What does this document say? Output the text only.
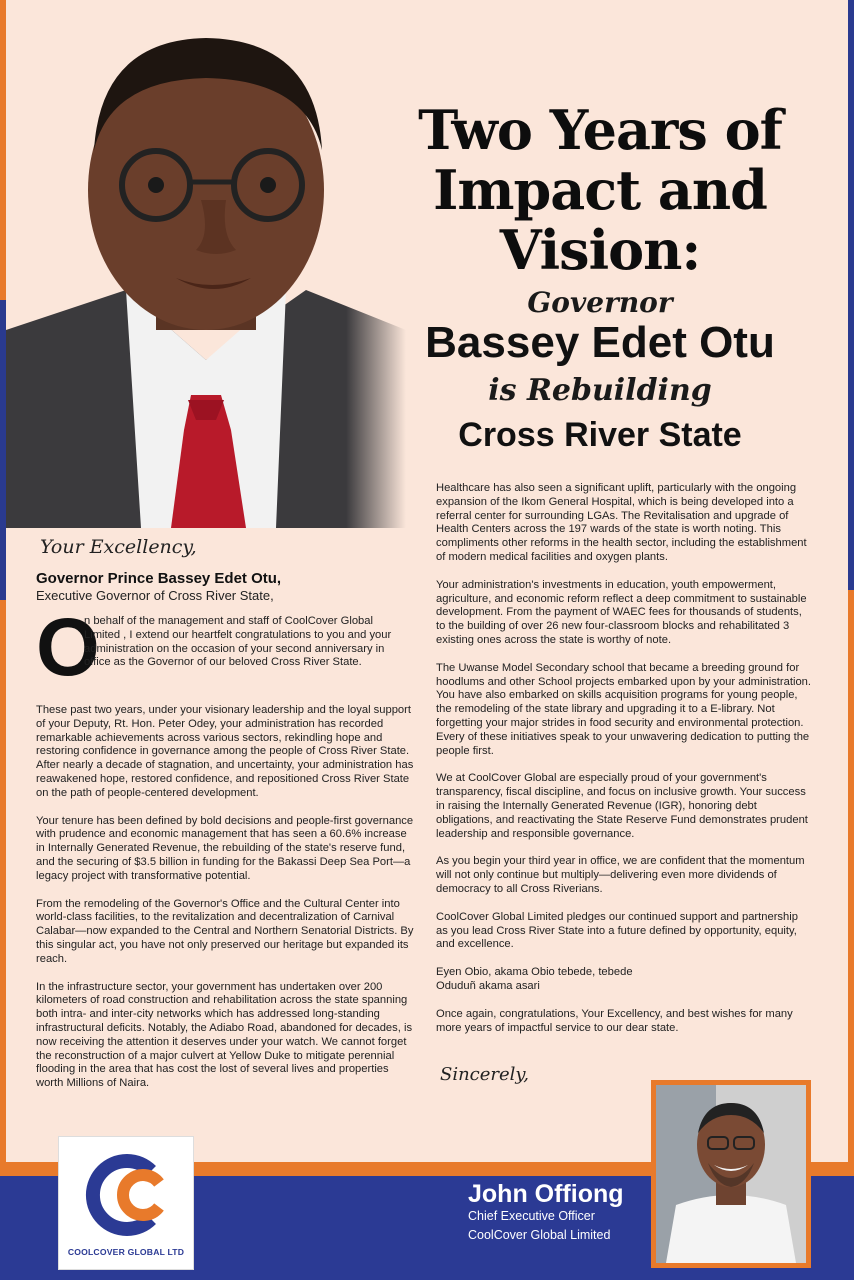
Two Years of Impact and Vision:
Governor
Bassey Edet Otu
is Rebuilding
Cross River State
Your Excellency,
Governor Prince Bassey Edet Otu,
Executive Governor of Cross River State,
O
n behalf of the management and staff of CoolCover Global Limited , I extend our heartfelt congratulations to you and your administration on the occasion of your second anniversary in office as the Governor of our beloved Cross River State.

These past two years, under your visionary leadership and the loyal support of your Deputy, Rt. Hon. Peter Odey, your administration has recorded remarkable achievements across various sectors, rekindling hope and restoring confidence in governance among the people of Cross River State. After nearly a decade of stagnation, and uncertainty, your administration has reawakened hope, restored confidence, and repositioned Cross River State on the path of people-centered development.

Your tenure has been defined by bold decisions and people-first governance with prudence and economic management that has seen a 60.6% increase in Internally Generated Revenue, the rebuilding of the state's reserve fund, and the securing of $3.5 billion in funding for the Bakassi Deep Sea Port—a legacy project with transformative potential.

From the remodeling of the Governor's Office and the Cultural Center into world-class facilities, to the revitalization and decentralization of Carnival Calabar—now expanded to the Central and Northern Senatorial Districts. By this singular act, you have not only preserved our heritage but expanded its reach.

In the infrastructure sector, your government has undertaken over 200 kilometers of road construction and rehabilitation across the state spanning both intra- and inter-city networks which has addressed long-standing infrastructural deficits. Notably, the Adiabo Road, abandoned for decades, is now receiving the attention it deserves under your watch. We cannot forget the reconstruction of a major culvert at Yellow Duke to mitigate perennial flooding in the area that has cost the lost of several lives and properties worth Millions of Naira.

Healthcare has also seen a significant uplift, particularly with the ongoing expansion of the Ikom General Hospital, which is being developed into a referral center for surrounding LGAs. The Revitalisation and upgrade of Health Centers across the 197 wards of the state is worth noting. This compliments other reforms in the health sector, including the establishment of modern medical facilities and oxygen plants.

Your administration's investments in education, youth empowerment, agriculture, and economic reform reflect a deep commitment to sustainable development. From the payment of WAEC fees for thousands of students, to the building of over 26 new four-classroom blocks and rehabilitated 3 existing ones across the state is worthy of note.

The Uwanse Model Secondary school that became a breeding ground for hoodlums and other School projects embarked upon by your administration. You have also embarked on skills acquisition programs for young people, the remodeling of the state library and upgrading it to a E-library. Not forgetting your major strides in food security and environmental protection. Every of these initiatives speak to your unwavering dedication to putting the people first.

We at CoolCover Global are especially proud of your government's transparency, fiscal discipline, and focus on inclusive growth. Your success in raising the Internally Generated Revenue (IGR), honoring debt obligations, and reactivating the State Reserve Fund demonstrates prudent leadership and responsible governance.

As you begin your third year in office, we are confident that the momentum will not only continue but multiply—delivering even more dividends of democracy to all Cross Riverians.

CoolCover Global Limited pledges our continued support and partnership as you lead Cross River State into a future defined by opportunity, equity, and excellence.

Eyen Obio, akama Obio tebede, tebede Oduduñ akama asari

Once again, congratulations, Your Excellency, and best wishes for many more years of impactful service to our dear state.

Sincerely,
COOLCOVER GLOBAL LTD
John Offiong
Chief Executive Officer
CoolCover Global Limited
